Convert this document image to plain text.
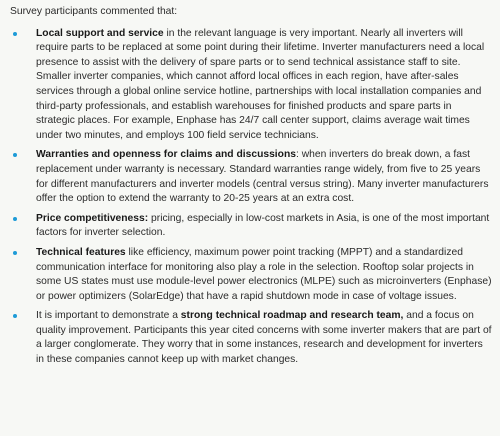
Survey participants commented that:

Local support and service in the relevant language is very important. Nearly all inverters will require parts to be replaced at some point during their lifetime. Inverter manufacturers need a local presence to assist with the delivery of spare parts or to send technical assistance staff to site. Smaller inverter companies, which cannot afford local offices in each region, have after-sales services through a global online service hotline, partnerships with local installation companies and third-party professionals, and establish warehouses for finished products and spare parts in strategic places. For example, Enphase has 24/7 call center support, claims average wait times under two minutes, and employs 100 field service technicians.
Warranties and openness for claims and discussions: when inverters do break down, a fast replacement under warranty is necessary. Standard warranties range widely, from five to 25 years for different manufacturers and inverter models (central versus string). Many inverter manufacturers offer the option to extend the warranty to 20-25 years at an extra cost.
Price competitiveness: pricing, especially in low-cost markets in Asia, is one of the most important factors for inverter selection.
Technical features like efficiency, maximum power point tracking (MPPT) and a standardized communication interface for monitoring also play a role in the selection. Rooftop solar projects in some US states must use module-level power electronics (MLPE) such as microinverters (Enphase) or power optimizers (SolarEdge) that have a rapid shutdown mode in case of voltage issues.
It is important to demonstrate a strong technical roadmap and research team, and a focus on quality improvement. Participants this year cited concerns with some inverter makers that are part of a larger conglomerate. They worry that in some instances, research and development for inverters in these companies cannot keep up with market changes.
